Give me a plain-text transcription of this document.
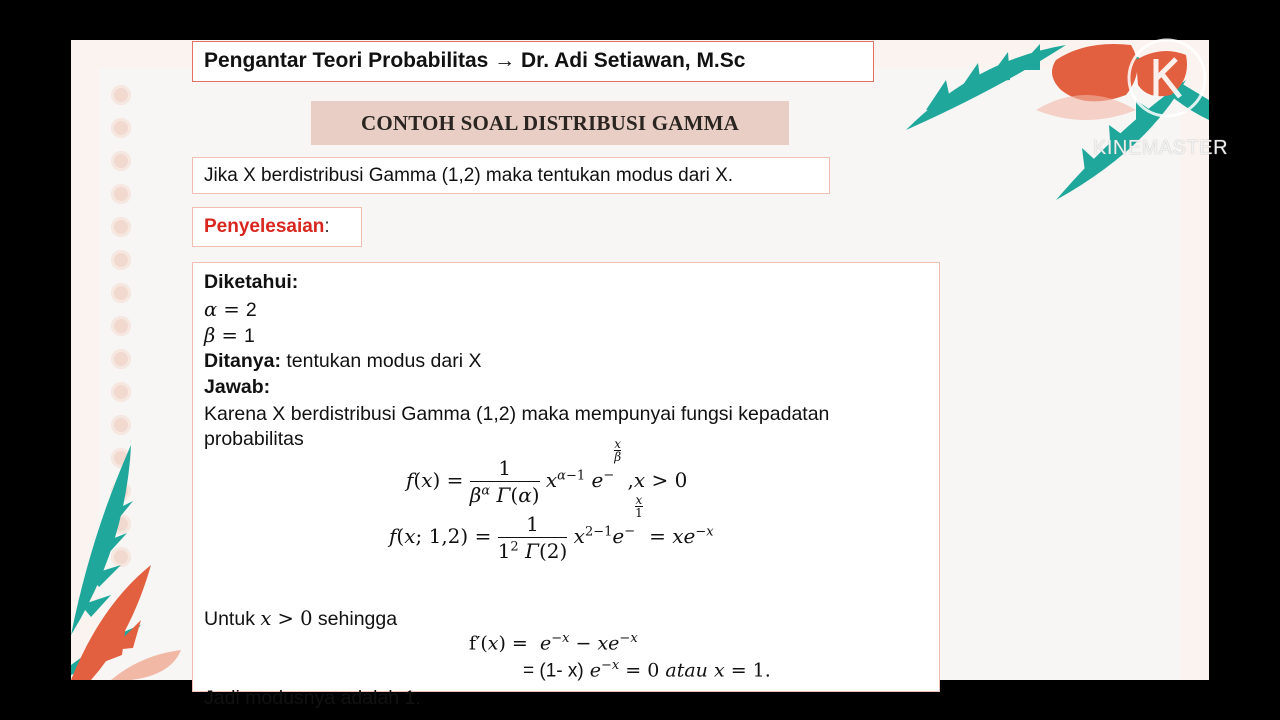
KINEMASTER
Pengantar Teori Probabilitas → Dr. Adi Setiawan, M.Sc
CONTOH SOAL DISTRIBUSI GAMMA
Jika X berdistribusi Gamma (1,2) maka tentukan modus dari X.
Penyelesaian:
Diketahui:
α = 2
β = 1
Ditanya: tentukan modus dari X
Jawab:
Karena X berdistribusi Gamma (1,2) maka mempunyai fungsi kepadatan
probabilitas
$f(x) = \frac{1}{\beta^\alpha \Gamma(\alpha)} x^{\alpha-1}$ $e^{- \frac{x}{\beta}}$ ,x > 0
f(x; $1,2) = \frac{1}{1^2 \Gamma(2)} x^{2-1}e^{- \frac{x}{1}} = xe^{-x}$
Untuk x > 0 sehingga
$f'(x) = e^{-x} - xe^{-x}$
= (1- x) $e^{-x} = 0$ atau x = 1.
Jadi modusnya adalah 1.
